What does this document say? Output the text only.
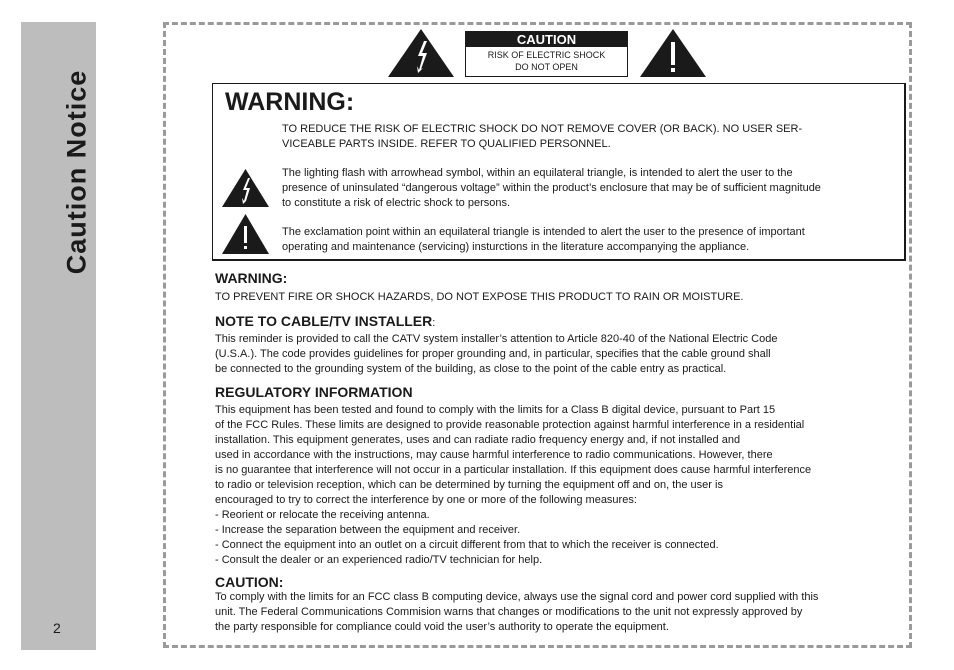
Caution Notice
2
CAUTION
RISK OF ELECTRIC SHOCK
DO NOT OPEN
WARNING:

TO REDUCE THE RISK OF ELECTRIC SHOCK DO NOT REMOVE COVER (OR BACK). NO USER SER-
VICEABLE PARTS INSIDE. REFER TO QUALIFIED PERSONNEL.

The lighting flash with arrowhead symbol, within an equilateral triangle, is intended to alert the user to the
presence of uninsulated “dangerous voltage” within the product’s enclosure that may be of sufficient magnitude
to constitute a risk of electric shock to persons.

The exclamation point within an equilateral triangle is intended to alert the user to the presence of important
operating and maintenance (servicing) insturctions in the literature accompanying the appliance.

WARNING:

TO PREVENT FIRE OR SHOCK HAZARDS, DO NOT EXPOSE THIS PRODUCT TO RAIN OR MOISTURE.

NOTE TO CABLE/TV INSTALLER:

This reminder is provided to call the CATV system installer’s attention to Article 820-40 of the National Electric Code
(U.S.A.). The code provides guidelines for proper grounding and, in particular, specifies that the cable ground shall
be connected to the grounding system of the building, as close to the point of the cable entry as practical.

REGULATORY INFORMATION

This equipment has been tested and found to comply with the limits for a Class B digital device, pursuant to Part 15
of the FCC Rules. These limits are designed to provide reasonable protection against harmful interference in a residential
installation. This equipment generates, uses and can radiate radio frequency energy and, if not installed and
used in accordance with the instructions, may cause harmful interference to radio communications. However, there
is no guarantee that interference will not occur in a particular installation. If this equipment does cause harmful interference
to radio or television reception, which can be determined by turning the equipment off and on, the user is
encouraged to try to correct the interference by one or more of the following measures:
- Reorient or relocate the receiving antenna.
- Increase the separation between the equipment and receiver.
- Connect the equipment into an outlet on a circuit different from that to which the receiver is connected.
- Consult the dealer or an experienced radio/TV technician for help.

CAUTION:

To comply with the limits for an FCC class B computing device, always use the signal cord and power cord supplied with this
unit. The Federal Communications Commision warns that changes or modifications to the unit not expressly approved by
the party responsible for compliance could void the user’s authority to operate the equipment.
